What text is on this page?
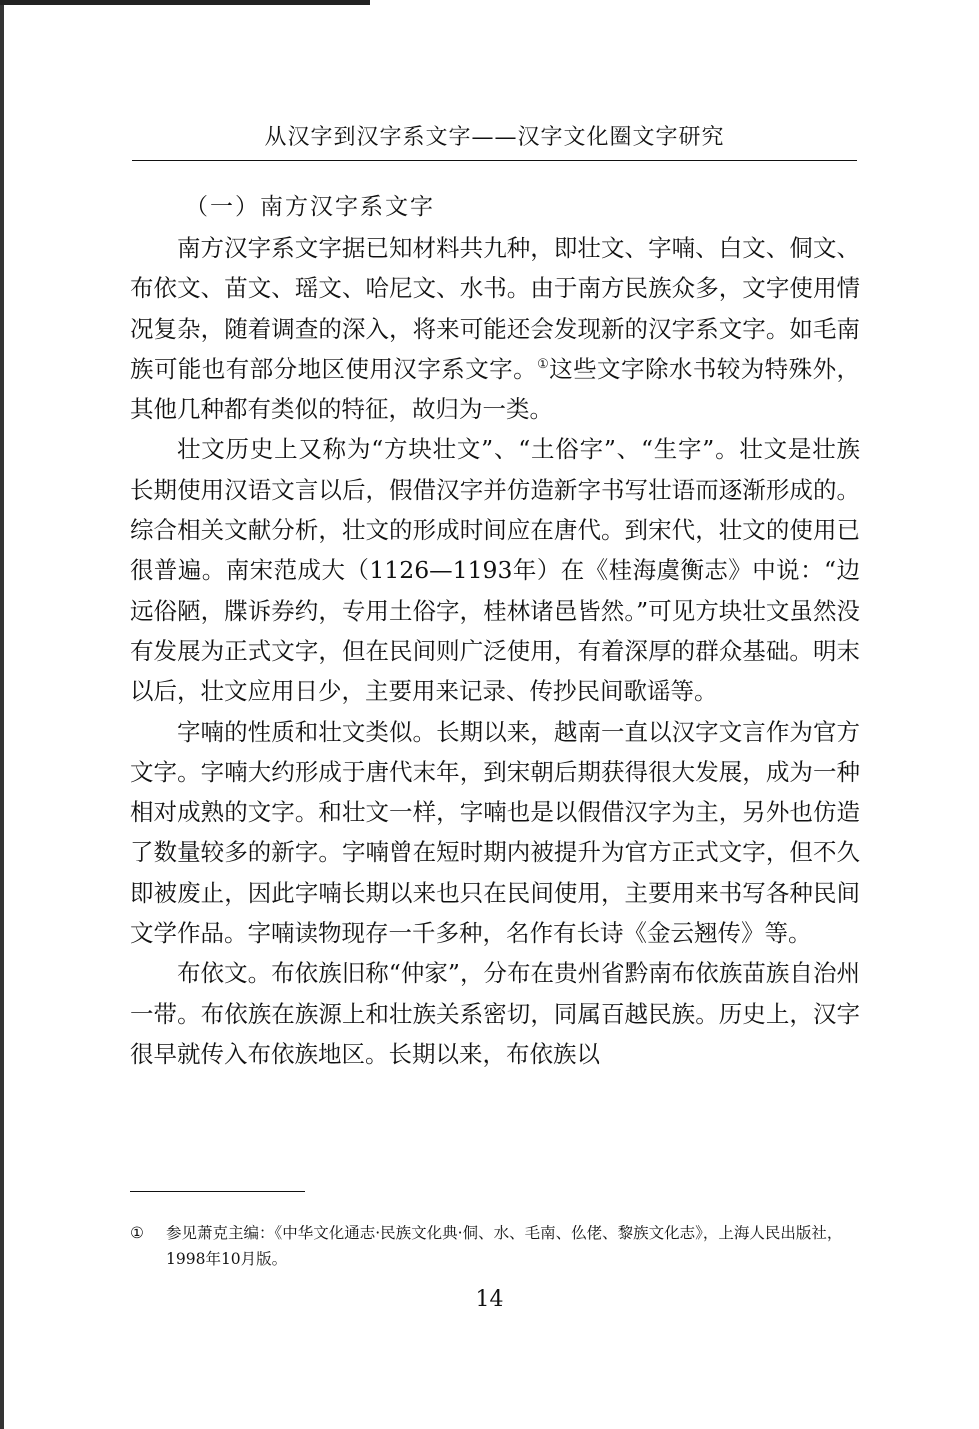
从汉字到汉字系文字——汉字文化圈文字研究
（一）南方汉字系文字

南方汉字系文字据已知材料共九种，即壮文、字喃、白文、侗文、布依文、苗文、瑶文、哈尼文、水书。由于南方民族众多，文字使用情况复杂，随着调查的深入，将来可能还会发现新的汉字系文字。如毛南族可能也有部分地区使用汉字系文字。①这些文字除水书较为特殊外，其他几种都有类似的特征，故归为一类。

壮文历史上又称为“方块壮文”、“土俗字”、“生字”。壮文是壮族长期使用汉语文言以后，假借汉字并仿造新字书写壮语而逐渐形成的。综合相关文献分析，壮文的形成时间应在唐代。到宋代，壮文的使用已很普遍。南宋范成大（1126—1193年）在《桂海虞衡志》中说：“边远俗陋，牒诉券约，专用土俗字，桂林诸邑皆然。”可见方块壮文虽然没有发展为正式文字，但在民间则广泛使用，有着深厚的群众基础。明末以后，壮文应用日少，主要用来记录、传抄民间歌谣等。

字喃的性质和壮文类似。长期以来，越南一直以汉字文言作为官方文字。字喃大约形成于唐代末年，到宋朝后期获得很大发展，成为一种相对成熟的文字。和壮文一样，字喃也是以假借汉字为主，另外也仿造了数量较多的新字。字喃曾在短时期内被提升为官方正式文字，但不久即被废止，因此字喃长期以来也只在民间使用，主要用来书写各种民间文学作品。字喃读物现存一千多种，名作有长诗《金云翘传》等。

布依文。布依族旧称“仲家”，分布在贵州省黔南布依族苗族自治州一带。布依族在族源上和壮族关系密切，同属百越民族。历史上，汉字很早就传入布依族地区。长期以来，布依族以

① 参见萧克主编：《中华文化通志·民族文化典·侗、水、毛南、仫佬、黎族文化志》，上海人民出版社，1998年10月版。
14
